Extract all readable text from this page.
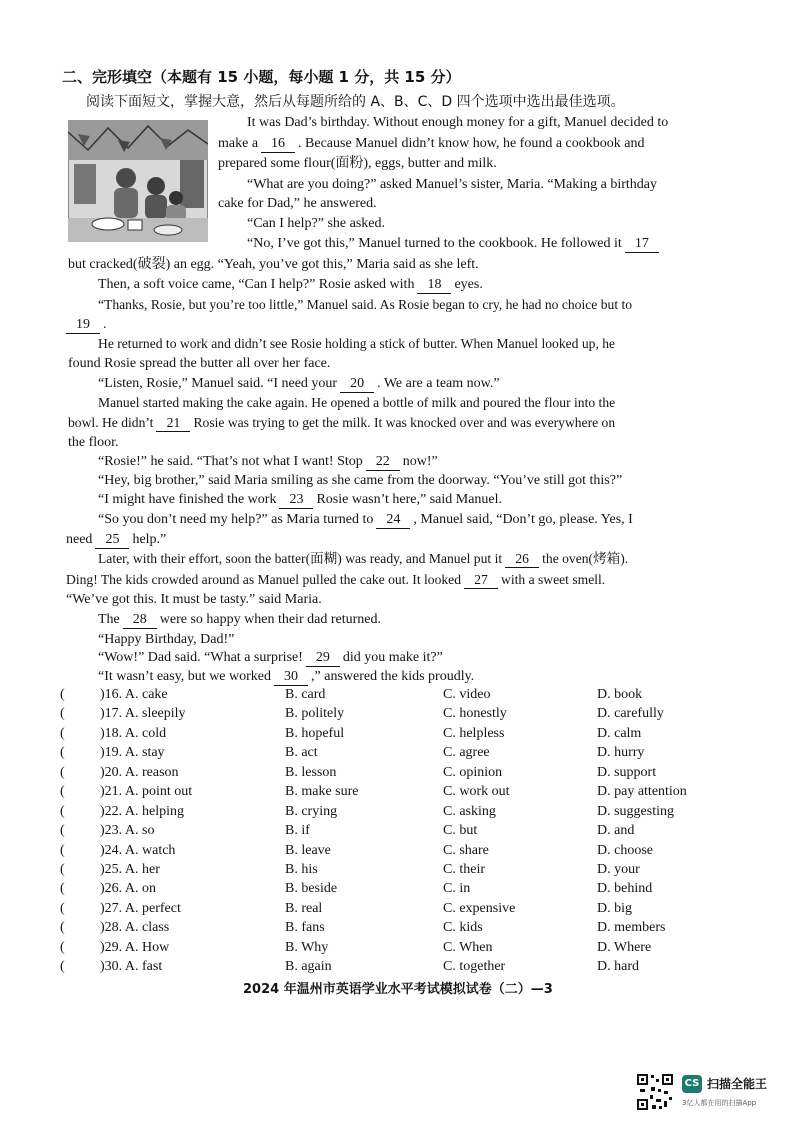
二、完形填空（本题有 15 小题，每小题 1 分，共 15 分）
阅读下面短文，掌握大意，然后从每题所给的 A、B、C、D 四个选项中选出最佳选项。
It was Dad’s birthday. Without enough money for a gift, Manuel decided to
make a 16 . Because Manuel didn’t know how, he found a cookbook and
prepared some flour(面粉), eggs, butter and milk.
“What are you doing?” asked Manuel’s sister, Maria. “Making a birthday
cake for Dad,” he answered.
“Can I help?” she asked.
“No, I’ve got this,” Manuel turned to the cookbook. He followed it 17
but cracked(破裂) an egg. “Yeah, you’ve got this,” Maria said as she left.
Then, a soft voice came, “Can I help?” Rosie asked with 18 eyes.
“Thanks, Rosie, but you’re too little,” Manuel said. As Rosie began to cry, he had no choice but to
19 .
He returned to work and didn’t see Rosie holding a stick of butter. When Manuel looked up, he
found Rosie spread the butter all over her face.
“Listen, Rosie,” Manuel said. “I need your 20 . We are a team now.”
Manuel started making the cake again. He opened a bottle of milk and poured the flour into the
bowl. He didn’t 21 Rosie was trying to get the milk. It was knocked over and was everywhere on
the floor.
“Rosie!” he said. “That’s not what I want! Stop 22 now!”
“Hey, big brother,” said Maria smiling as she came from the doorway. “You’ve still got this?”
“I might have finished the work 23 Rosie wasn’t here,” said Manuel.
“So you don’t need my help?” as Maria turned to 24 , Manuel said, “Don’t go, please. Yes, I
need 25 help.”
Later, with their effort, soon the batter(面糊) was ready, and Manuel put it 26 the oven(烤箱).
Ding! The kids crowded around as Manuel pulled the cake out. It looked 27 with a sweet smell.
“We’ve got this. It must be tasty.” said Maria.
The 28 were so happy when their dad returned.
“Happy Birthday, Dad!”
“Wow!” Dad said. “What a surprise! 29 did you make it?”
“It wasn’t easy, but we worked 30 ,” answered the kids proudly.
(	)16. A. cake	B. card	C. video	D. book
(	)17. A. sleepily	B. politely	C. honestly	D. carefully
(	)18. A. cold	B. hopeful	C. helpless	D. calm
(	)19. A. stay	B. act	C. agree	D. hurry
(	)20. A. reason	B. lesson	C. opinion	D. support
(	)21. A. point out	B. make sure	C. work out	D. pay attention
(	)22. A. helping	B. crying	C. asking	D. suggesting
(	)23. A. so	B. if	C. but	D. and
(	)24. A. watch	B. leave	C. share	D. choose
(	)25. A. her	B. his	C. their	D. your
(	)26. A. on	B. beside	C. in	D. behind
(	)27. A. perfect	B. real	C. expensive	D. big
(	)28. A. class	B. fans	C. kids	D. members
(	)29. A. How	B. Why	C. When	D. Where
(	)30. A. fast	B. again	C. together	D. hard
2024 年温州市英语学业水平考试模拟试卷（二）—3
CS 扫描全能王
3亿人都在用的扫描App
